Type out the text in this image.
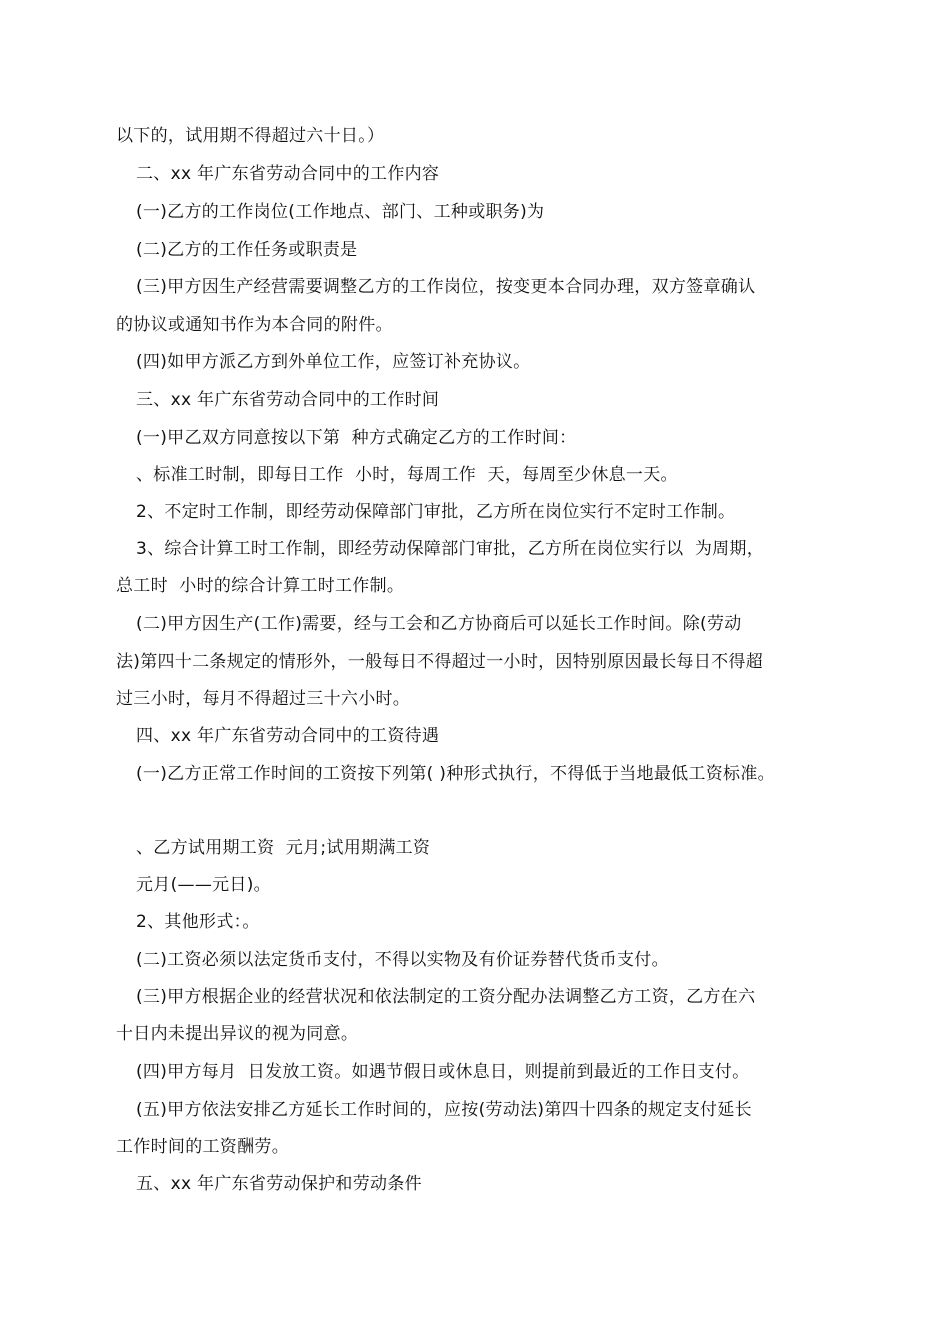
以下的，试用期不得超过六十日。）
二、xx 年广东省劳动合同中的工作内容
(一)乙方的工作岗位(工作地点、部门、工种或职务)为
(二)乙方的工作任务或职责是
(三)甲方因生产经营需要调整乙方的工作岗位，按变更本合同办理，双方签章确认
的协议或通知书作为本合同的附件。
(四)如甲方派乙方到外单位工作，应签订补充协议。
三、xx 年广东省劳动合同中的工作时间
(一)甲乙双方同意按以下第  种方式确定乙方的工作时间：
、标准工时制，即每日工作  小时，每周工作  天，每周至少休息一天。
2、不定时工作制，即经劳动保障部门审批，乙方所在岗位实行不定时工作制。
3、综合计算工时工作制，即经劳动保障部门审批，乙方所在岗位实行以  为周期，
总工时  小时的综合计算工时工作制。
(二)甲方因生产(工作)需要，经与工会和乙方协商后可以延长工作时间。除(劳动
法)第四十二条规定的情形外，一般每日不得超过一小时，因特别原因最长每日不得超
过三小时，每月不得超过三十六小时。
四、xx 年广东省劳动合同中的工资待遇
(一)乙方正常工作时间的工资按下列第( )种形式执行，不得低于当地最低工资标准。
、乙方试用期工资  元月;试用期满工资
元月(——元日)。
2、其他形式：。
(二)工资必须以法定货币支付，不得以实物及有价证券替代货币支付。
(三)甲方根据企业的经营状况和依法制定的工资分配办法调整乙方工资，乙方在六
十日内未提出异议的视为同意。
(四)甲方每月  日发放工资。如遇节假日或休息日，则提前到最近的工作日支付。
(五)甲方依法安排乙方延长工作时间的，应按(劳动法)第四十四条的规定支付延长
工作时间的工资酬劳。
五、xx 年广东省劳动保护和劳动条件
